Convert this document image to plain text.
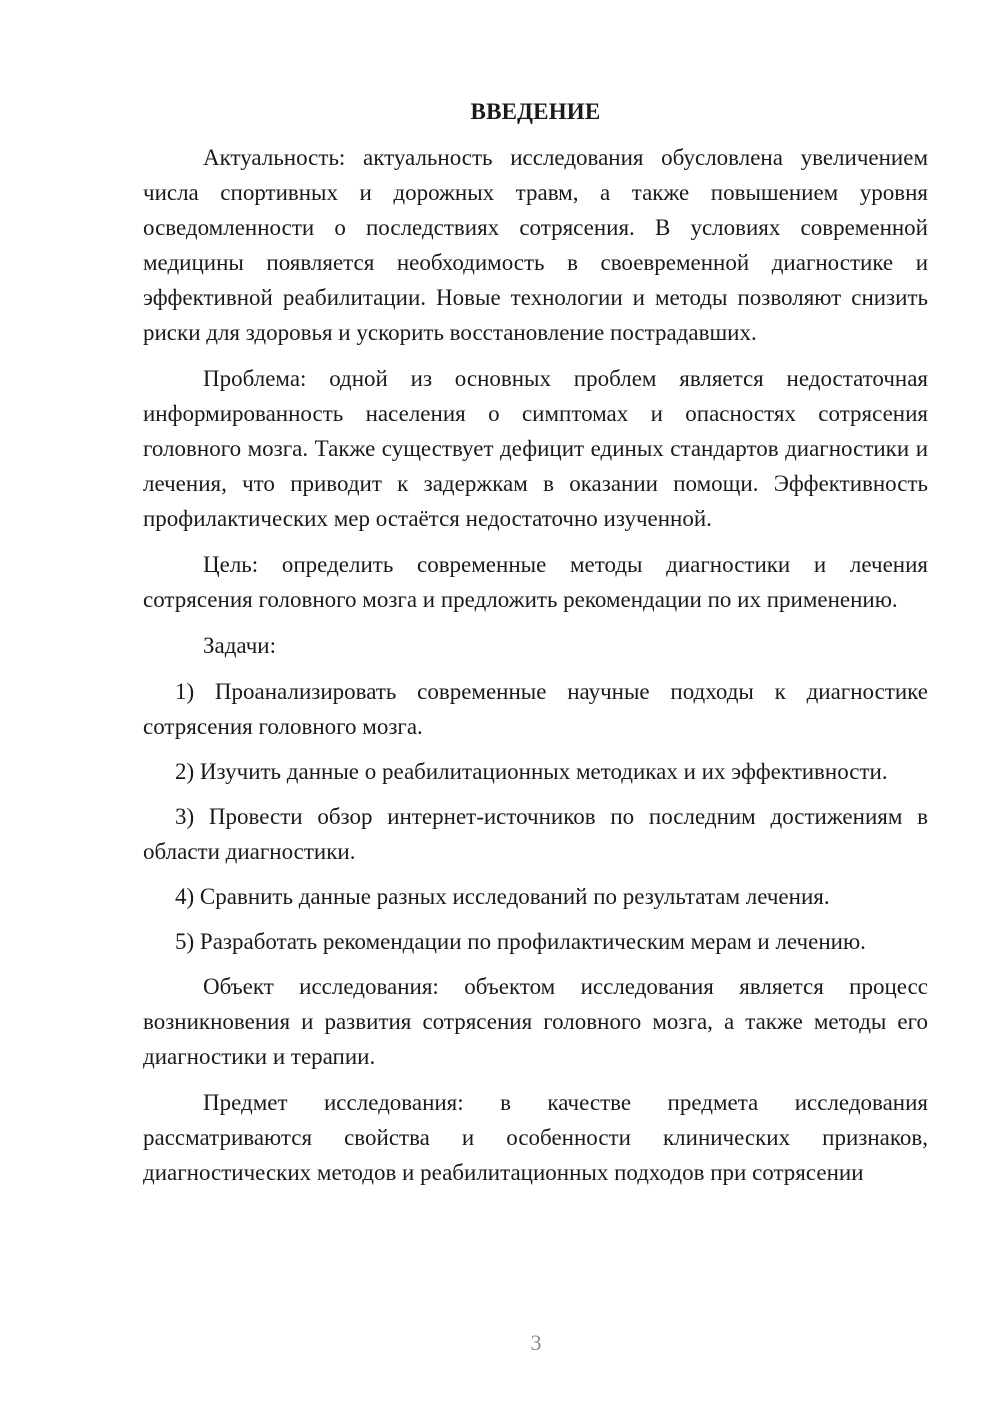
ВВЕДЕНИЕ

Актуальность: актуальность исследования обусловлена увеличением числа спортивных и дорожных травм, а также повышением уровня осведомленности о последствиях сотрясения. В условиях современной медицины появляется необходимость в своевременной диагностике и эффективной реабилитации. Новые технологии и методы позволяют снизить риски для здоровья и ускорить восстановление пострадавших.

Проблема: одной из основных проблем является недостаточная информированность населения о симптомах и опасностях сотрясения головного мозга. Также существует дефицит единых стандартов диагностики и лечения, что приводит к задержкам в оказании помощи. Эффективность профилактических мер остаётся недостаточно изученной.

Цель: определить современные методы диагностики и лечения сотрясения головного мозга и предложить рекомендации по их применению.

Задачи:

1) Проанализировать современные научные подходы к диагностике сотрясения головного мозга.

2) Изучить данные о реабилитационных методиках и их эффективности.

3) Провести обзор интернет-источников по последним достижениям в области диагностики.

4) Сравнить данные разных исследований по результатам лечения.

5) Разработать рекомендации по профилактическим мерам и лечению.

Объект исследования: объектом исследования является процесс возникновения и развития сотрясения головного мозга, а также методы его диагностики и терапии.

Предмет исследования: в качестве предмета исследования рассматриваются свойства и особенности клинических признаков, диагностических методов и реабилитационных подходов при сотрясении

3
